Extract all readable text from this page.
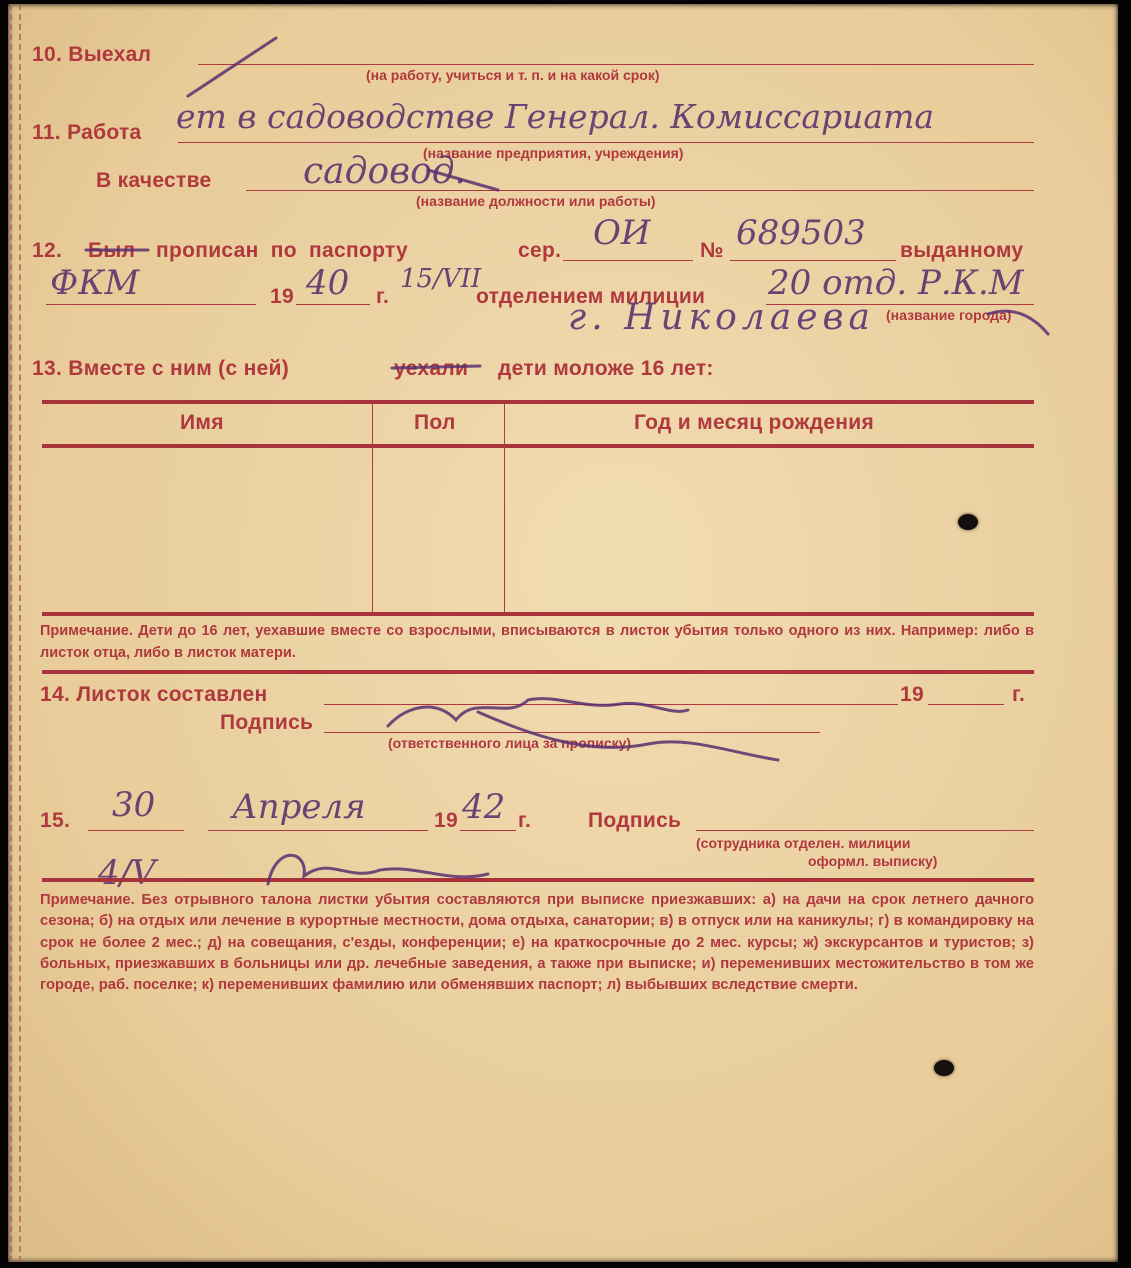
10. Выехал
(на работу, учиться и т. п. и на какой срок)
11. Работа ет в садоводстве Генерал. Комиссариата
(название предприятия, учреждения)
В качестве	садовод.
(название должности или работы)
12. Был прописан по паспорту	сер. ОИ № 689503 выданному
ФКМ	19 40 г.
15/VII
отделением милиции 20 отд. Р.К.М
(название города)
г. Николаева
13. Вместе с ним (с ней)	уехали дети моложе 16 лет:
Имя	Пол	Год и месяц рождения
Примечание. Дети до 16 лет, уехавшие вместе со взрослыми, вписываются в листок убытия только одного из них. Например: либо в листок отца, либо в листок матери.
14. Листок составлен	19	г.
Подпись
(ответственного лица за прописку)
15. 30 Апреля	19 42 г.	Подпись
(сотрудника отделен. милиции
оформл. выписку)
4/V
Примечание. Без отрывного талона листки убытия составляются при выписке приезжавших: а) на дачи на срок летнего дачного сезона; б) на отдых или лечение в курортные местности, дома отдыха, санатории; в) в отпуск или на каникулы; г) в командировку на срок не более 2 мес.; д) на совещания, с'езды, конференции; е) на краткосрочные до 2 мес. курсы; ж) экскурсантов и туристов; з) больных, приезжавших в больницы или др. лечебные заведения, а также при выписке; и) переменивших местожительство в том же городе, раб. поселке; к) переменивших фамилию или обменявших паспорт; л) выбывших вследствие смерти.
